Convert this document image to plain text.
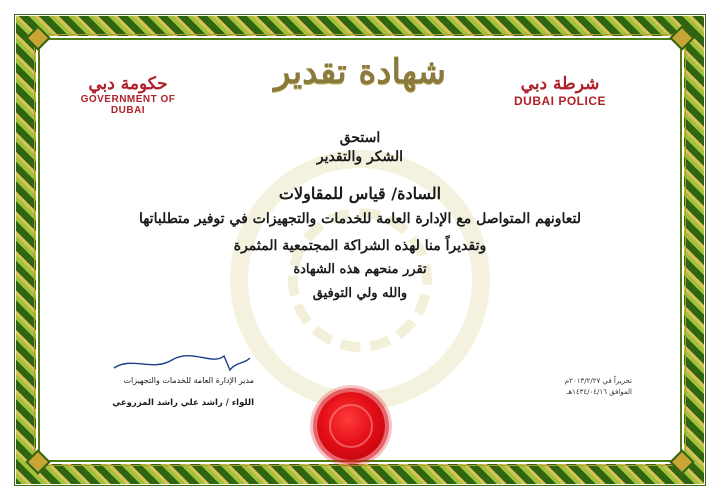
حكومة دبي
GOVERNMENT OF DUBAI
شرطة دبي
DUBAI POLICE
شهادة تقدير
استحق
الشكر والتقدير
السادة/ قياس للمقاولات
لتعاونهم المتواصل مع الإدارة العامة للخدمات والتجهيزات في توفير متطلباتها
وتقديراً منا لهذه الشراكة المجتمعية المثمرة
تقرر منحهم هذه الشهادة
والله ولي التوفيق
مدير الإدارة العامة للخدمات والتجهيزات
اللواء / راشد علي راشد المزروعي
تحريراً في ٢٠١٣/٢/٢٧م
الموافق ١٤٣٤/٠٤/١٦هـ
